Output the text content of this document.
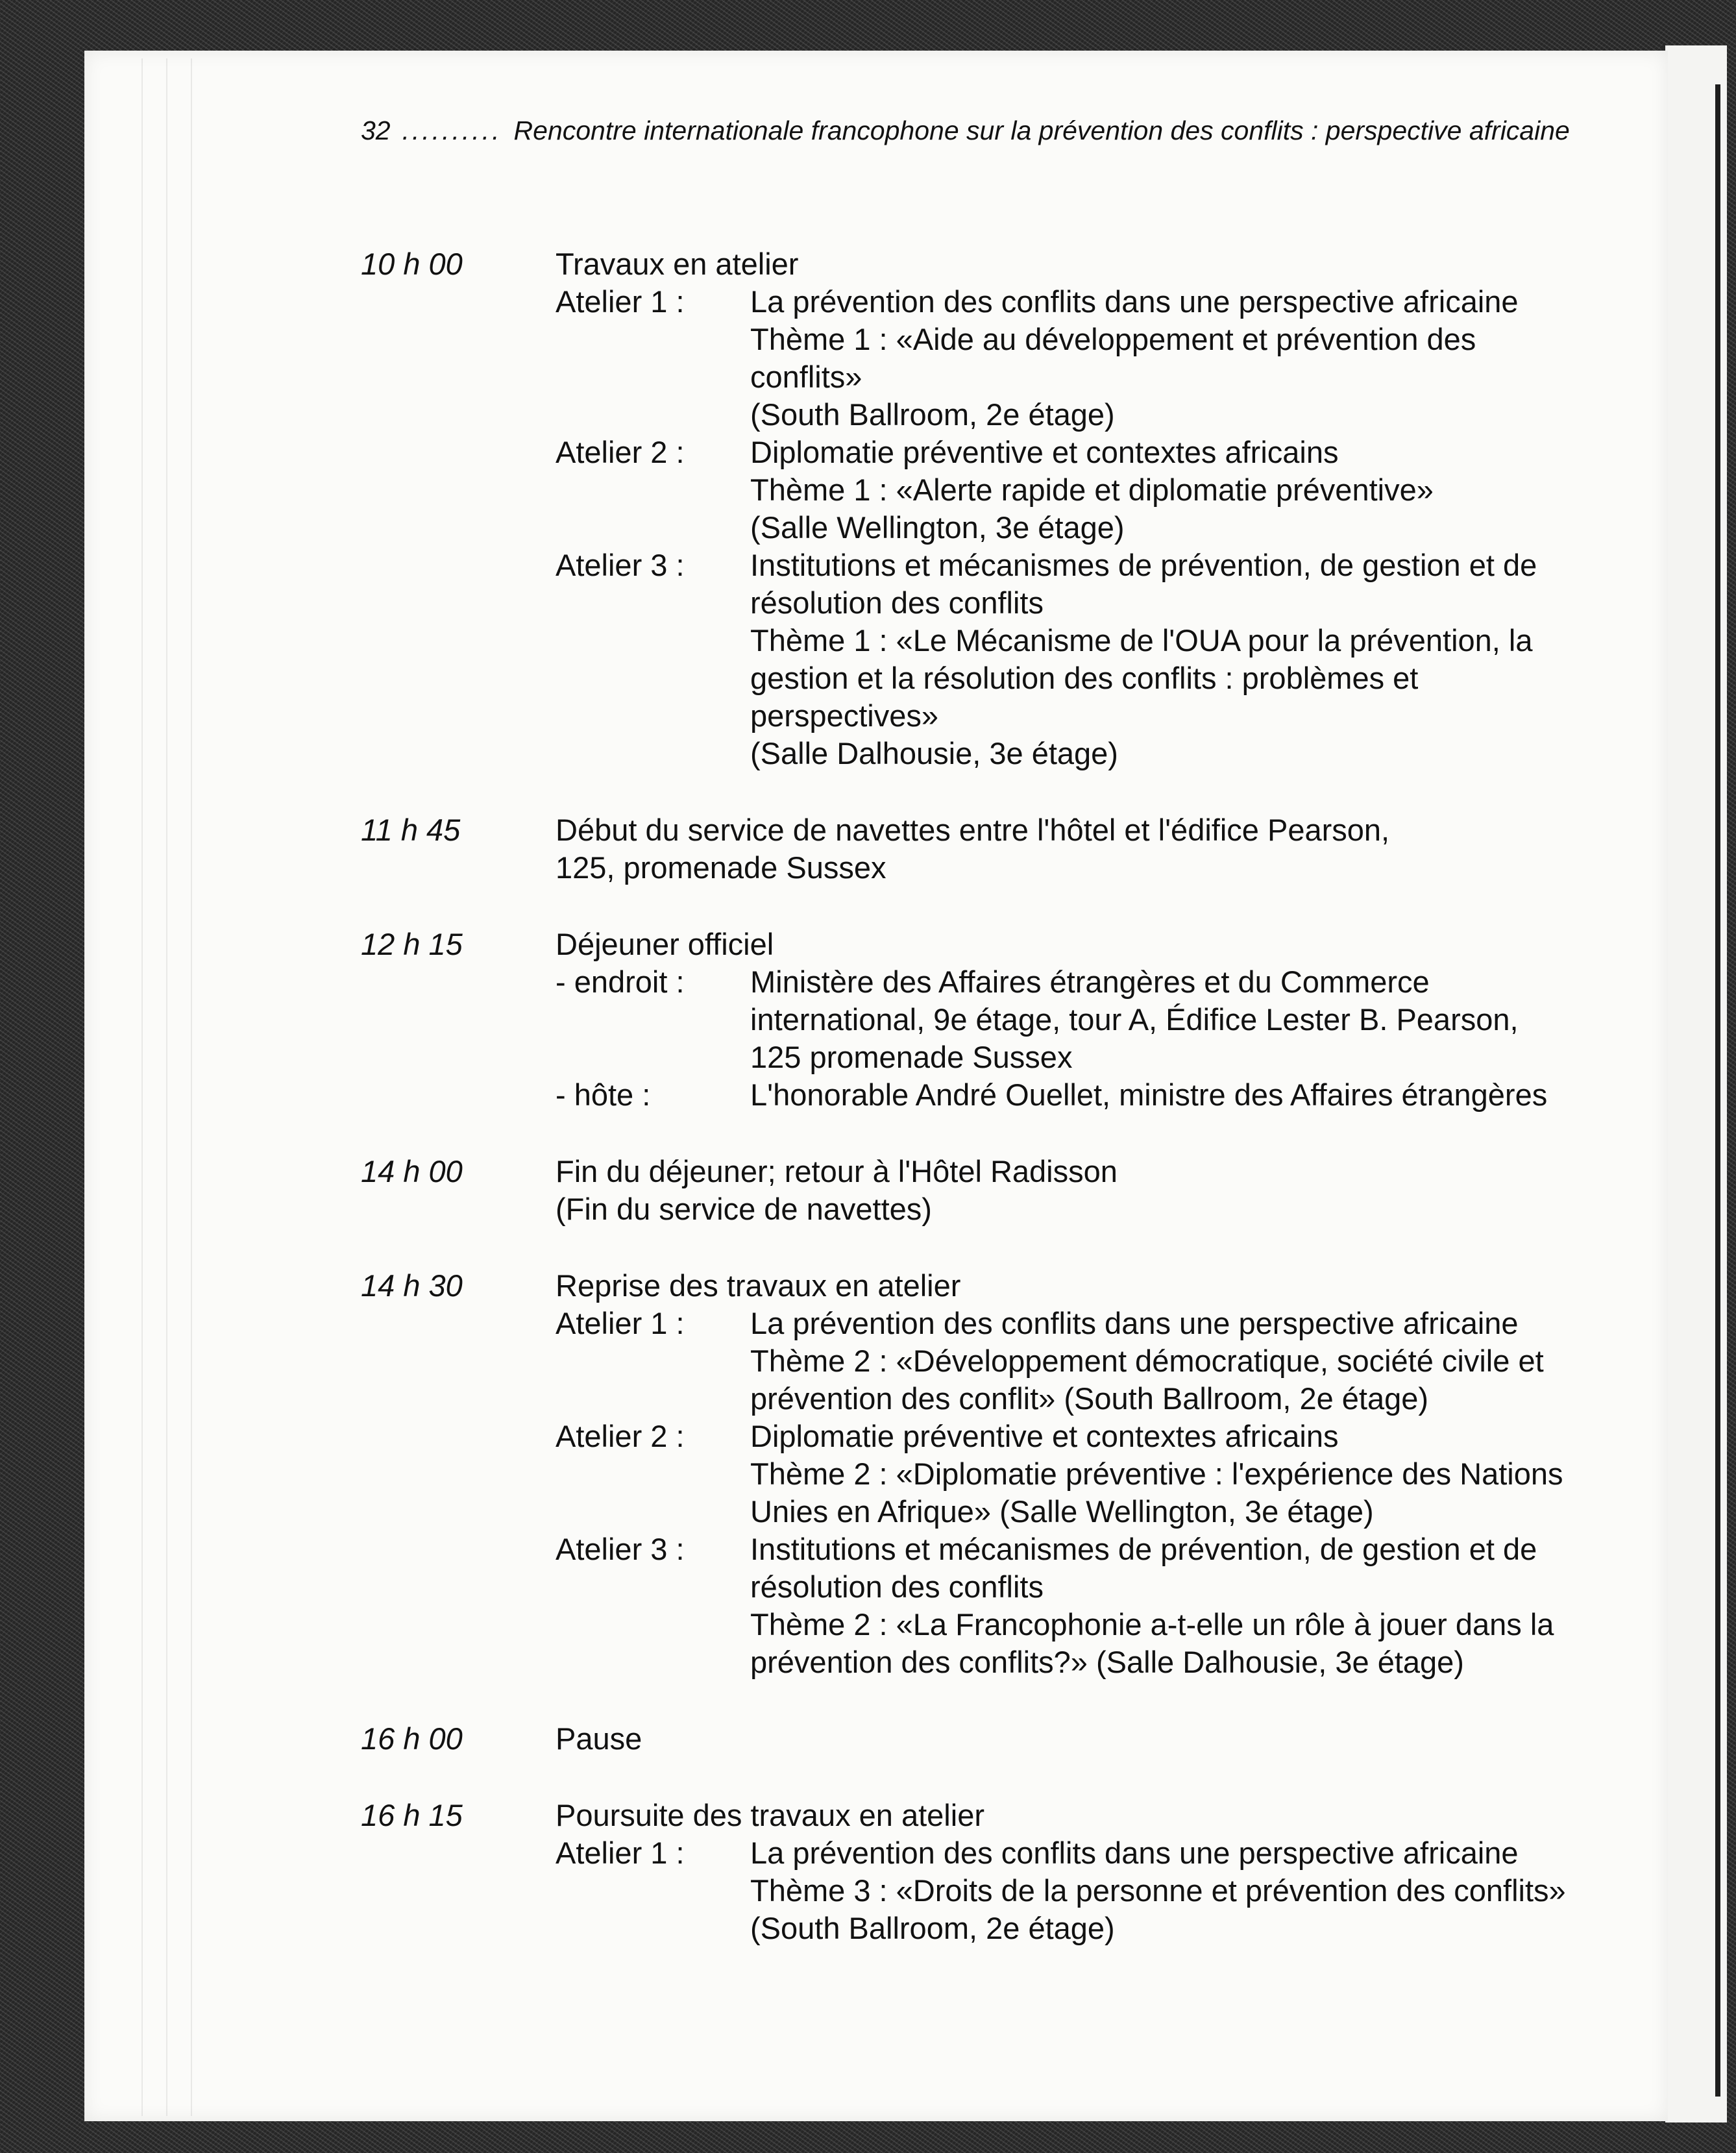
32 .......... Rencontre internationale francophone sur la prévention des conflits : perspective africaine
10 h 00	Travaux en atelier
Atelier 1 :	La prévention des conflits dans une perspective africaine
Thème 1 : «Aide au développement et prévention des
conflits»
(South Ballroom, 2e étage)
Atelier 2 :	Diplomatie préventive et contextes africains
Thème 1 : «Alerte rapide et diplomatie préventive»
(Salle Wellington, 3e étage)
Atelier 3 :	Institutions et mécanismes de prévention, de gestion et de
résolution des conflits
Thème 1 : «Le Mécanisme de l'OUA pour la prévention, la
gestion et la résolution des conflits : problèmes et
perspectives»
(Salle Dalhousie, 3e étage)
11 h 45	Début du service de navettes entre l'hôtel et l'édifice Pearson,
125, promenade Sussex
12 h 15	Déjeuner officiel
- endroit :	Ministère des Affaires étrangères et du Commerce
international, 9e étage, tour A, Édifice Lester B. Pearson,
125 promenade Sussex
- hôte :	L'honorable André Ouellet, ministre des Affaires étrangères
14 h 00	Fin du déjeuner; retour à l'Hôtel Radisson
(Fin du service de navettes)
14 h 30	Reprise des travaux en atelier
Atelier 1 :	La prévention des conflits dans une perspective africaine
Thème 2 : «Développement démocratique, société civile et
prévention des conflit» (South Ballroom, 2e étage)
Atelier 2 :	Diplomatie préventive et contextes africains
Thème 2 : «Diplomatie préventive : l'expérience des Nations
Unies en Afrique» (Salle Wellington, 3e étage)
Atelier 3 :	Institutions et mécanismes de prévention, de gestion et de
résolution des conflits
Thème 2 : «La Francophonie a-t-elle un rôle à jouer dans la
prévention des conflits?» (Salle Dalhousie, 3e étage)
16 h 00	Pause
16 h 15	Poursuite des travaux en atelier
Atelier 1 :	La prévention des conflits dans une perspective africaine
Thème 3 : «Droits de la personne et prévention des conflits»
(South Ballroom, 2e étage)
